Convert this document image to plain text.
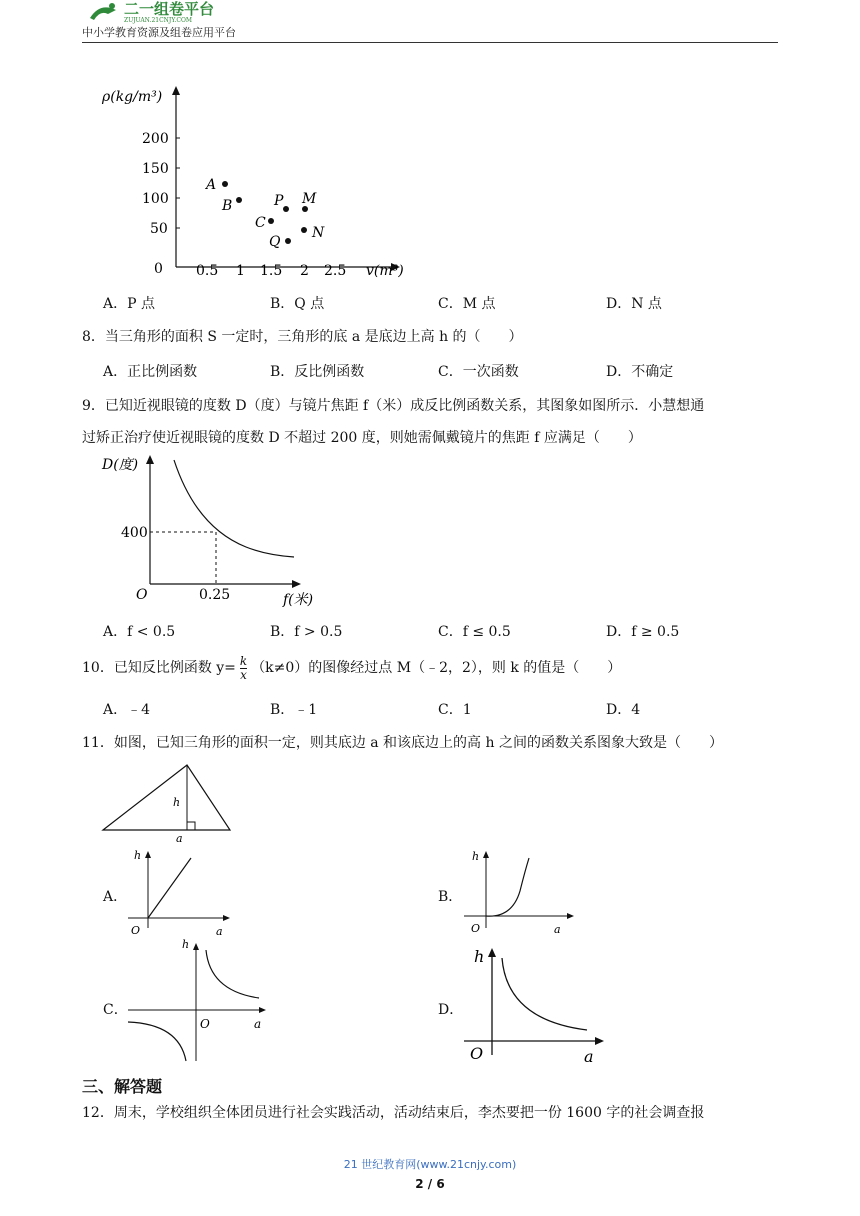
二一组卷平台
ZUJUAN.21CNJY.COM
中小学教育资源及组卷应用平台
ρ(kg/m³)
v(m³)
0
200
150
100
50
0.5 1 1.5 2 2.5
A
B
C
P M
Q
N
A．P 点	B．Q 点	C．M 点	D．N 点
8．当三角形的面积 S 一定时，三角形的底 a 是底边上高 h 的（　　）
A．正比例函数	B．反比例函数	C．一次函数	D．不确定
9．已知近视眼镜的度数 D（度）与镜片焦距 f（米）成反比例函数关系，其图象如图所示．小慧想通
过矫正治疗使近视眼镜的度数 D 不超过 200 度，则她需佩戴镜片的焦距 f 应满足（　　）
D(度)
f(米)
O
400
0.25
A．f < 0.5	B．f > 0.5	C．f ≤ 0.5	D．f ≥ 0.5
10．已知反比例函数 $y= \frac{k}{x} (k\ne 0)$的图像经过点 M（﹣2，2），则 k 的值是（　　）
A．﹣4	B．﹣1	C．1	D．4
11．如图，已知三角形的面积一定，则其底边 a 和该底边上的高 h 之间的函数关系图象大致是（　　）
h
a
A．
h
O	a
B．
h
O	a
C．
h
O	a
D．
h
O	a
三、解答题
12．周末，学校组织全体团员进行社会实践活动，活动结束后，李杰要把一份 1600 字的社会调查报
21 世纪教育网(www.21cnjy.com)
2 / 6
